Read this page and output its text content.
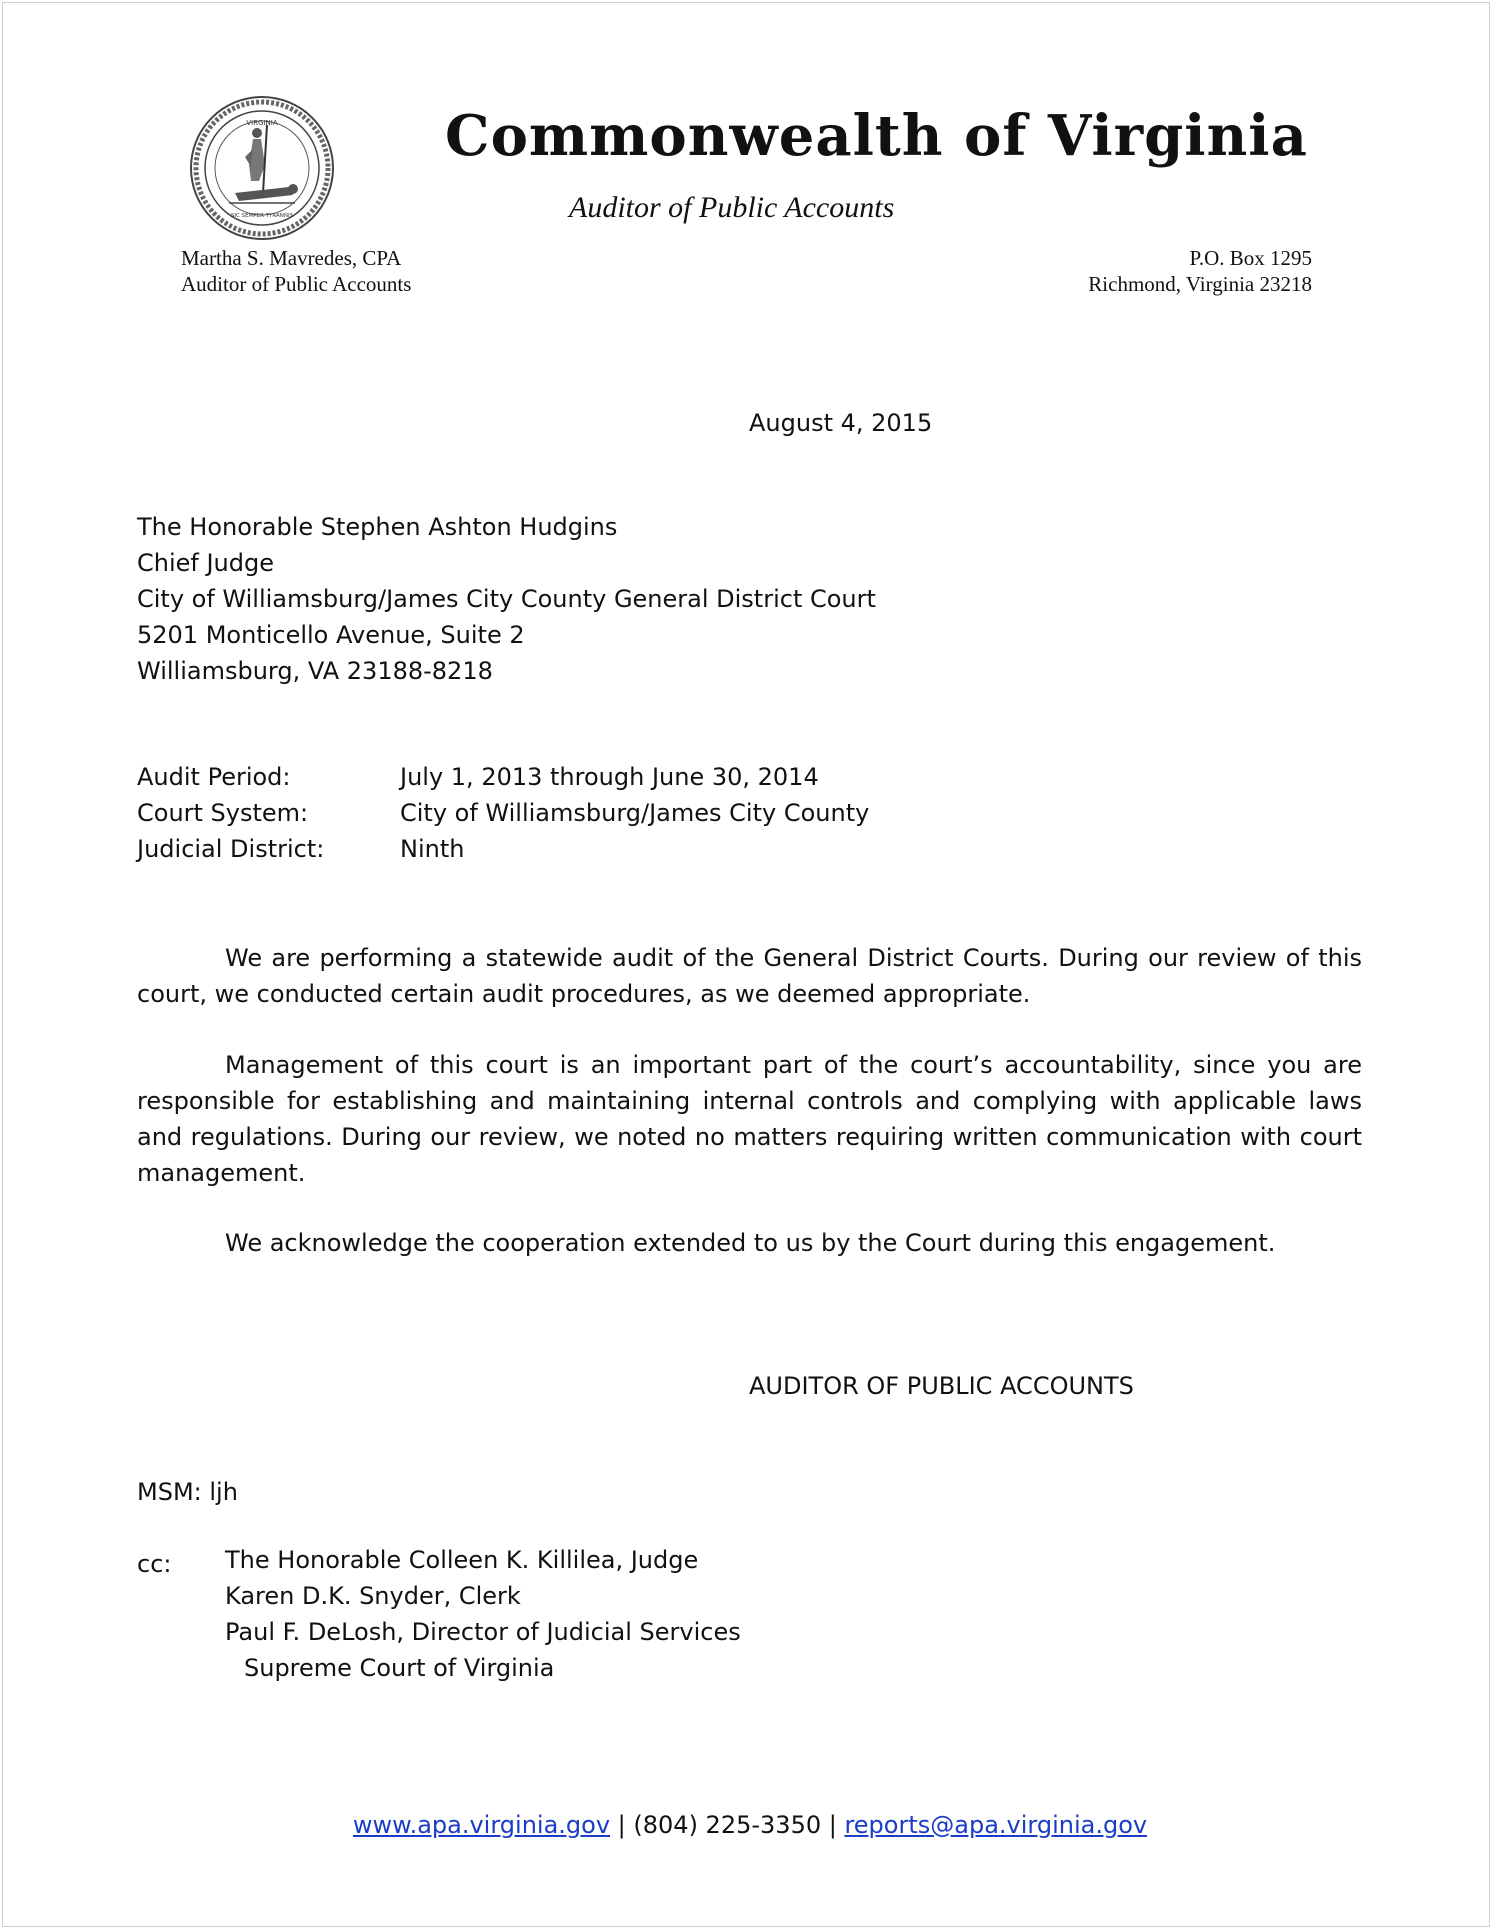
VIRGINIA
SIC SEMPER TYRANNIS
Commonwealth of Virginia
Auditor of Public Accounts
Martha S. Mavredes, CPA
Auditor of Public Accounts
P.O. Box 1295
Richmond, Virginia 23218
August 4, 2015
The Honorable Stephen Ashton Hudgins
Chief Judge
City of Williamsburg/James City County General District Court
5201 Monticello Avenue, Suite 2
Williamsburg, VA 23188-8218
Audit Period:	July 1, 2013 through June 30, 2014
Court System:	City of Williamsburg/James City County
Judicial District:	Ninth
We are performing a statewide audit of the General District Courts. During our review of this court, we conducted certain audit procedures, as we deemed appropriate.
Management of this court is an important part of the court’s accountability, since you are responsible for establishing and maintaining internal controls and complying with applicable laws and regulations. During our review, we noted no matters requiring written communication with court management.
We acknowledge the cooperation extended to us by the Court during this engagement.
AUDITOR OF PUBLIC ACCOUNTS
MSM: ljh
cc: The Honorable Colleen K. Killilea, Judge
Karen D.K. Snyder, Clerk
Paul F. DeLosh, Director of Judicial Services
Supreme Court of Virginia
www.apa.virginia.gov | (804) 225-3350 | reports@apa.virginia.gov
